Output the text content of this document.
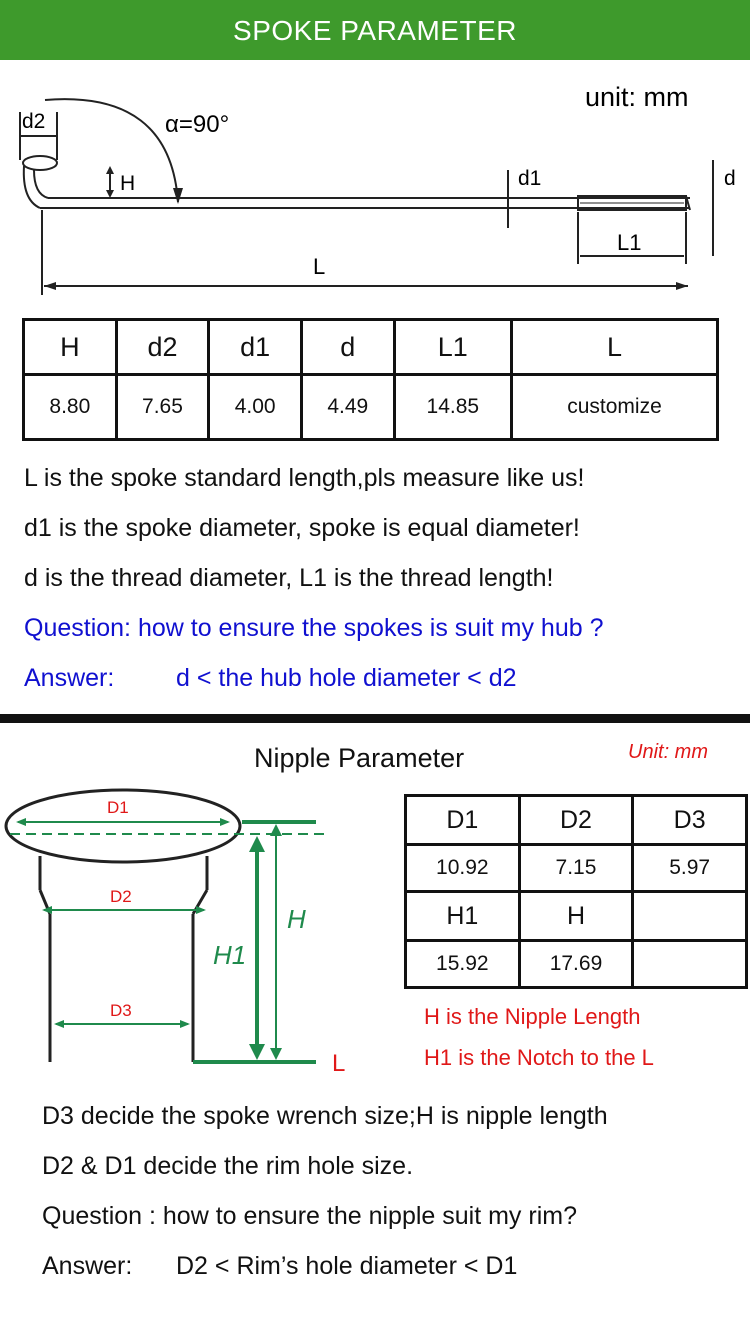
SPOKE PARAMETER
unit: mm
d2	α=90°
H	d1	d
L1
L
H	d2	d1	d	L1	L
8.80	7.65	4.00	4.49	14.85	customize
L is the spoke standard length,pls measure like us!
d1 is the spoke diameter, spoke is equal diameter!
d is the thread diameter, L1 is the thread length!
Question: how to ensure the spokes is suit my hub ?
Answer: d < the hub hole diameter < d2
Nipple Parameter	Unit: mm
D1
D2
D3
H
H1
L
D1	D2	D3
10.92	7.15	5.97
H1	H	
15.92	17.69	
H is the Nipple Length
H1 is the Notch to the L
D3 decide the spoke wrench size;H is nipple length
D2 & D1 decide the rim hole size.
Question : how to ensure the nipple suit my rim?
Answer: D2 < Rim’s hole diameter < D1
